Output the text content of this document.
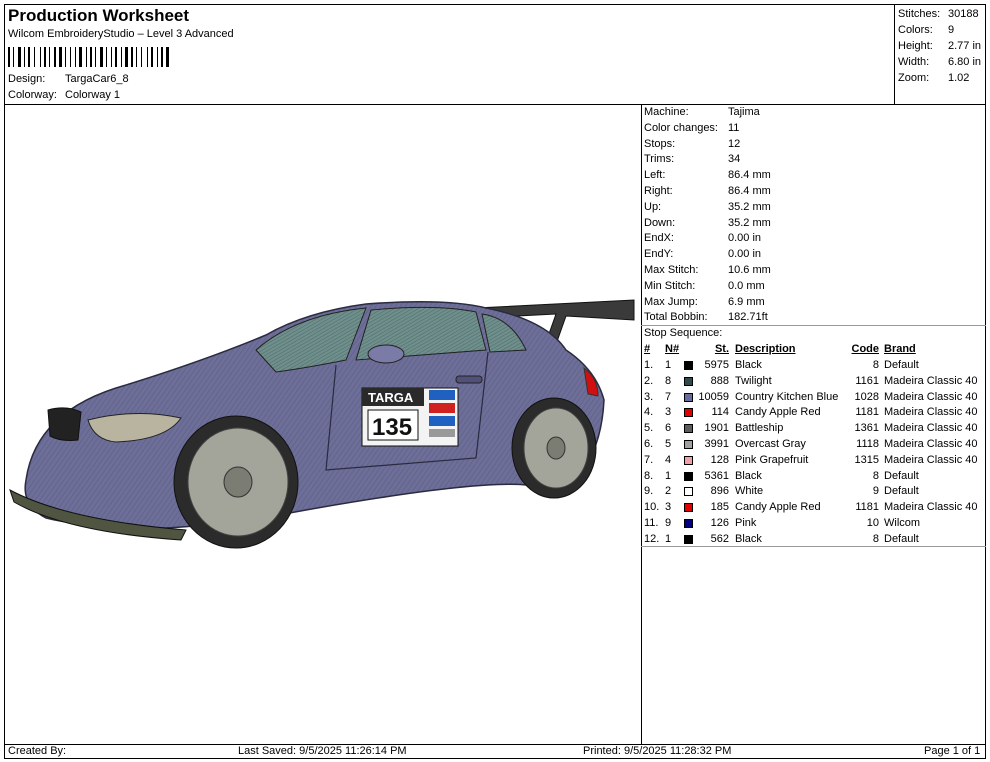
Production Worksheet
Wilcom EmbroideryStudio – Level 3 Advanced
Design: TargaCar6_8
Colorway: Colorway 1
Stitches: 30188
Colors: 9
Height: 2.77 in
Width: 6.80 in
Zoom: 1.02
Machine:	Tajima
Color changes: 11
Stops:	12
Trims:	34
Left:	86.4 mm
Right:	86.4 mm
Up:	35.2 mm
Down:	35.2 mm
EndX:	0.00 in
EndY:	0.00 in
Max Stitch:	10.6 mm
Min Stitch:	0.0 mm
Max Jump:	6.9 mm
Total Bobbin: 182.71ft
Stop Sequence:
# N#	St. Description	Code Brand
1. 1	5975 Black	8 Default
2. 8	888 Twilight	1161 Madeira Classic 40
3. 7 10059 Country Kitchen Blue 1028 Madeira Classic 40
4. 3	114 Candy Apple Red	1181 Madeira Classic 40
5. 6	1901 Battleship	1361 Madeira Classic 40
6. 5	3991 Overcast Gray	1118 Madeira Classic 40
7. 4	128 Pink Grapefruit	1315 Madeira Classic 40
8. 1	5361 Black	8 Default
9. 2	896 White	9 Default
10. 3	185 Candy Apple Red	1181 Madeira Classic 40
11. 9	126 Pink	10 Wilcom
12. 1	562 Black	8 Default
TARGA
135
Created By:	Last Saved: 9/5/2025 11:26:14 PM	Printed: 9/5/2025 11:28:32 PM	Page 1 of 1
